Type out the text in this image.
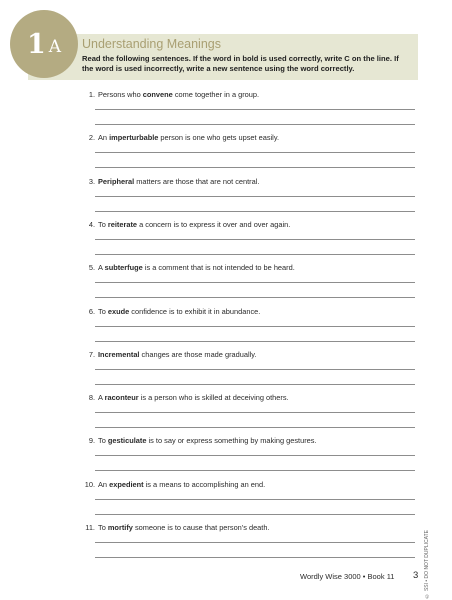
1 A Understanding Meanings
Read the following sentences. If the word in bold is used correctly, write C on the line. If the word is used incorrectly, write a new sentence using the word correctly.
1. Persons who convene come together in a group.
2. An imperturbable person is one who gets upset easily.
3. Peripheral matters are those that are not central.
4. To reiterate a concern is to express it over and over again.
5. A subterfuge is a comment that is not intended to be heard.
6. To exude confidence is to exhibit it in abundance.
7. Incremental changes are those made gradually.
8. A raconteur is a person who is skilled at deceiving others.
9. To gesticulate is to say or express something by making gestures.
10. An expedient is a means to accomplishing an end.
11. To mortify someone is to cause that person's death.
© SSI • DO NOT DUPLICATE
Wordly Wise 3000 • Book 11	3
